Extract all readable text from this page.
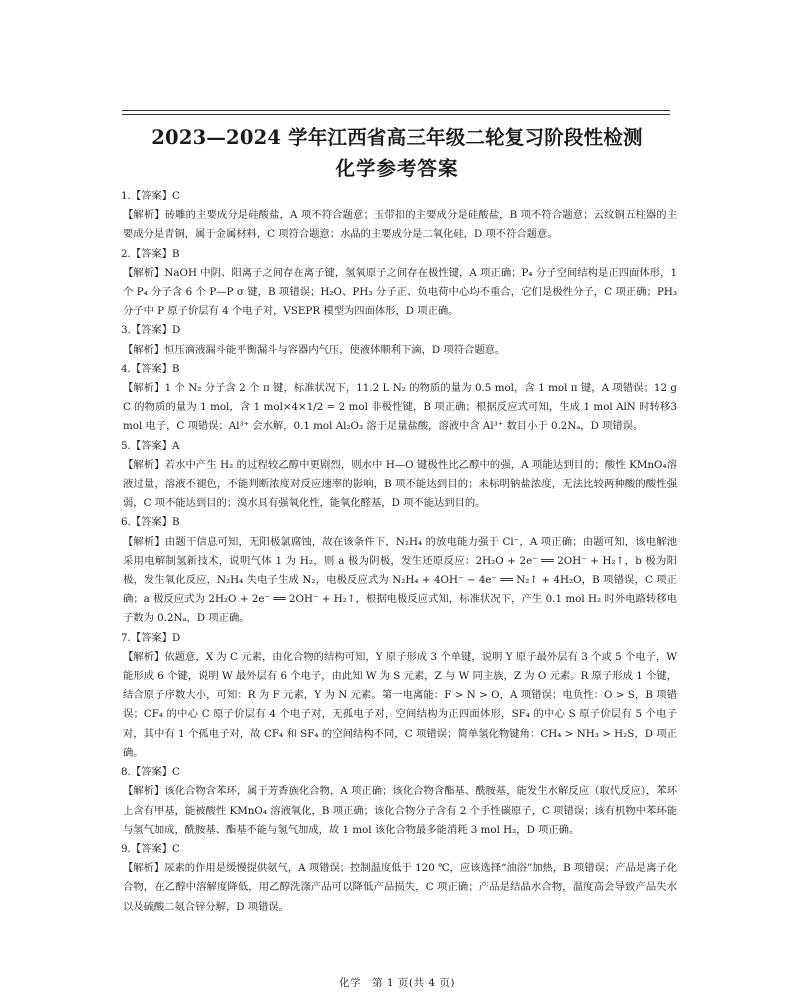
2023—2024 学年江西省高三年级二轮复习阶段性检测
化学参考答案

1.【答案】C

【解析】砖雕的主要成分是硅酸盐，A 项不符合题意；玉带扣的主要成分是硅酸盐，B 项不符合题意；云纹铜五柱器的主要成分是青铜，属于金属材料，C 项符合题意；水晶的主要成分是二氧化硅，D 项不符合题意。

2.【答案】B

【解析】NaOH 中阴、阳离子之间存在离子键，氢氧原子之间存在极性键，A 项正确；P₄ 分子空间结构是正四面体形，1 个 P₄ 分子含 6 个 P—P σ 键，B 项错误；H₂O、PH₃ 分子正、负电荷中心均不重合，它们是极性分子，C 项正确；PH₃ 分子中 P 原子价层有 4 个电子对，VSEPR 模型为四面体形，D 项正确。

3.【答案】D

【解析】恒压滴液漏斗能平衡漏斗与容器内气压，使液体顺利下滴，D 项符合题意。

4.【答案】B

【解析】1 个 N₂ 分子含 2 个 π 键，标准状况下，11.2 L N₂ 的物质的量为 0.5 mol，含 1 mol π 键，A 项错误；12 g C 的物质的量为 1 mol，含 1 mol×4×1/2 = 2 mol 非极性键，B 项正确；根据反应式可知，生成 1 mol AlN 时转移3 mol 电子，C 项错误；Al³⁺ 会水解，0.1 mol Al₂O₃ 溶于足量盐酸，溶液中含 Al³⁺ 数目小于 0.2Nₐ，D 项错误。

5.【答案】A

【解析】若水中产生 H₂ 的过程较乙醇中更剧烈，则水中 H—O 键极性比乙醇中的强，A 项能达到目的；酸性 KMnO₄溶液过量，溶液不褪色，不能判断浓度对反应速率的影响，B 项不能达到目的；未标明钠盐浓度，无法比较两种酸的酸性强弱，C 项不能达到目的；溴水具有强氧化性，能氧化醛基，D 项不能达到目的。

6.【答案】B

【解析】由题干信息可知，无阳极氯腐蚀，故在该条件下，N₂H₄ 的放电能力强于 Cl⁻，A 项正确；由题可知，该电解池采用电解制氢新技术，说明气体 1 为 H₂，则 a 极为阴极，发生还原反应：2H₂O + 2e⁻ ══ 2OH⁻ + H₂↑，b 极为阳极，发生氧化反应，N₂H₄ 失电子生成 N₂，电极反应式为 N₂H₄ + 4OH⁻ − 4e⁻ ══ N₂↑ + 4H₂O，B 项错误，C 项正确；a 极反应式为 2H₂O + 2e⁻ ══ 2OH⁻ + H₂↑，根据电极反应式知，标准状况下，产生 0.1 mol H₂ 时外电路转移电子数为 0.2Nₐ，D 项正确。

7.【答案】D

【解析】依题意，X 为 C 元素，由化合物的结构可知，Y 原子形成 3 个单键，说明 Y 原子最外层有 3 个或 5 个电子，W 能形成 6 个键，说明 W 最外层有 6 个电子，由此知 W 为 S 元素，Z 与 W 同主族，Z 为 O 元素。R 原子形成 1 个键，结合原子序数大小，可知：R 为 F 元素，Y 为 N 元素。第一电离能：F > N > O，A 项错误；电负性：O > S，B 项错误；CF₄ 的中心 C 原子价层有 4 个电子对，无孤电子对，空间结构为正四面体形，SF₄ 的中心 S 原子价层有 5 个电子对，其中有 1 个孤电子对，故 CF₄ 和 SF₄ 的空间结构不同，C 项错误；简单氢化物键角：CH₄ > NH₃ > H₂S，D 项正确。

8.【答案】C

【解析】该化合物含苯环，属于芳香族化合物，A 项正确；该化合物含酯基、酰胺基，能发生水解反应（取代反应），苯环上含有甲基，能被酸性 KMnO₄ 溶液氧化，B 项正确；该化合物分子含有 2 个手性碳原子，C 项错误；该有机物中苯环能与氢气加成，酰胺基、酯基不能与氢气加成，故 1 mol 该化合物最多能消耗 3 mol H₂，D 项正确。

9.【答案】C

【解析】尿素的作用是缓慢提供氨气，A 项错误；控制温度低于 120 ℃，应该选择“油浴”加热，B 项错误；产品是离子化合物，在乙醇中溶解度降低，用乙醇洗涤产品可以降低产品损失，C 项正确；产品是结晶水合物，温度高会导致产品失水以及硫酸二氨合锌分解，D 项错误。

化学　第 1 页(共 4 页)
